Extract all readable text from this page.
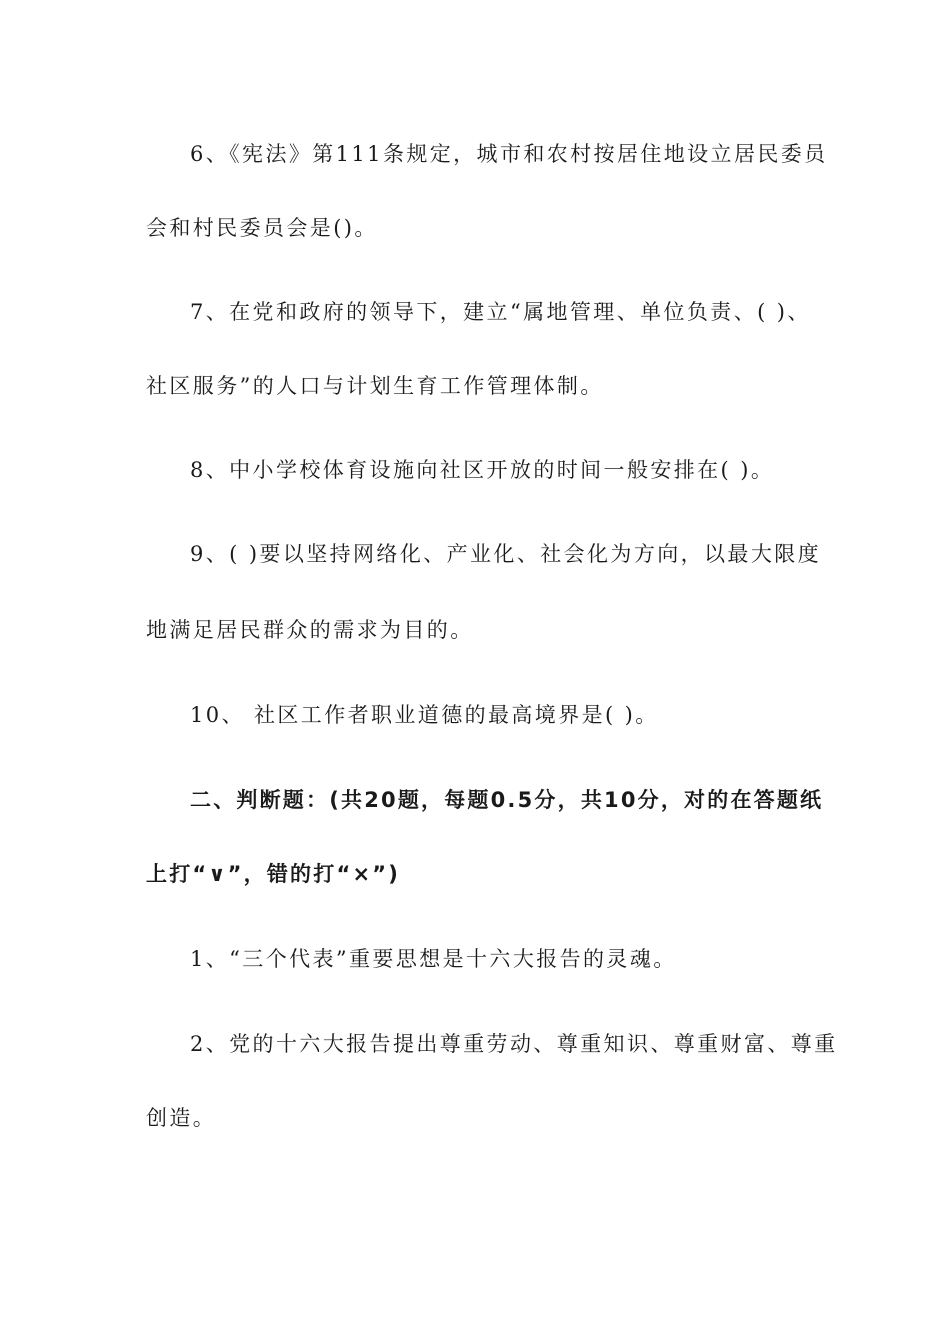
6、《宪法》第111条规定，城市和农村按居住地设立居民委员
会和村民委员会是()。
7、在党和政府的领导下，建立“属地管理、单位负责、( )、
社区服务”的人口与计划生育工作管理体制。
8、中小学校体育设施向社区开放的时间一般安排在( )。
9、( )要以坚持网络化、产业化、社会化为方向，以最大限度
地满足居民群众的需求为目的。
10、 社区工作者职业道德的最高境界是( )。
二、判断题：(共20题，每题0.5分，共10分，对的在答题纸
上打“∨”，错的打“×”)
1、“三个代表”重要思想是十六大报告的灵魂。
2、党的十六大报告提出尊重劳动、尊重知识、尊重财富、尊重
创造。
